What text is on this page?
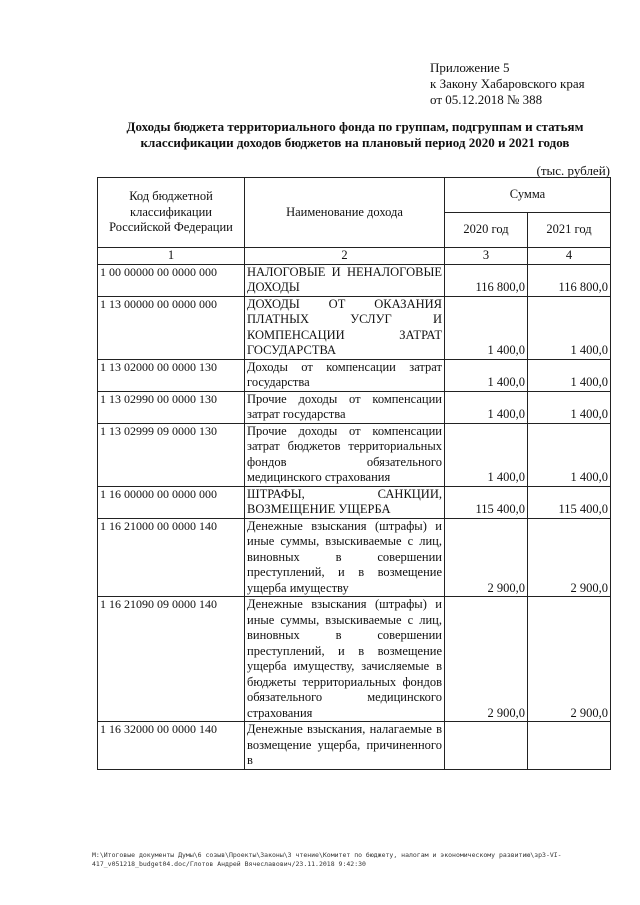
Приложение 5
к Закону Хабаровского края
от 05.12.2018 № 388
Доходы бюджета территориального фонда по группам, подгруппам и статьям классификации доходов бюджетов на плановый период 2020 и 2021 годов
(тыс. рублей)
Код бюджетной классификации Российской Федерации	Наименование дохода	Сумма	
		2020 год	2021 год
1	2	3	4
1 00 00000 00 0000 000	НАЛОГОВЫЕ И НЕНАЛОГОВЫЕ ДОХОДЫ	116 800,0	116 800,0
1 13 00000 00 0000 000	ДОХОДЫ ОТ ОКАЗАНИЯ ПЛАТНЫХ УСЛУГ И КОМПЕНСАЦИИ ЗАТРАТ ГОСУДАРСТВА	1 400,0	1 400,0
1 13 02000 00 0000 130	Доходы от компенсации затрат государства	1 400,0	1 400,0
1 13 02990 00 0000 130	Прочие доходы от компенсации затрат государства	1 400,0	1 400,0
1 13 02999 09 0000 130	Прочие доходы от компенсации затрат бюджетов территориальных фондов обязательного медицинского страхования	1 400,0	1 400,0
1 16 00000 00 0000 000	ШТРАФЫ, САНКЦИИ, ВОЗМЕЩЕНИЕ УЩЕРБА	115 400,0	115 400,0
1 16 21000 00 0000 140	Денежные взыскания (штрафы) и иные суммы, взыскиваемые с лиц, виновных в совершении преступлений, и в возмещение ущерба имуществу	2 900,0	2 900,0
1 16 21090 09 0000 140	Денежные взыскания (штрафы) и иные суммы, взыскиваемые с лиц, виновных в совершении преступлений, и в возмещение ущерба имуществу, зачисляемые в бюджеты территориальных фондов обязательного медицинского страхования	2 900,0	2 900,0
1 16 32000 00 0000 140	Денежные взыскания, налагаемые в возмещение ущерба, причиненного в		
M:\Итоговые документы Думы\6 созыв\Проекты\Законы\3 чтение\Комитет по бюджету, налогам и экономическому развитию\зр3-VI-417_v051218_budget04.doc/Глотов Андрей Вячеславович/23.11.2018 9:42:30
